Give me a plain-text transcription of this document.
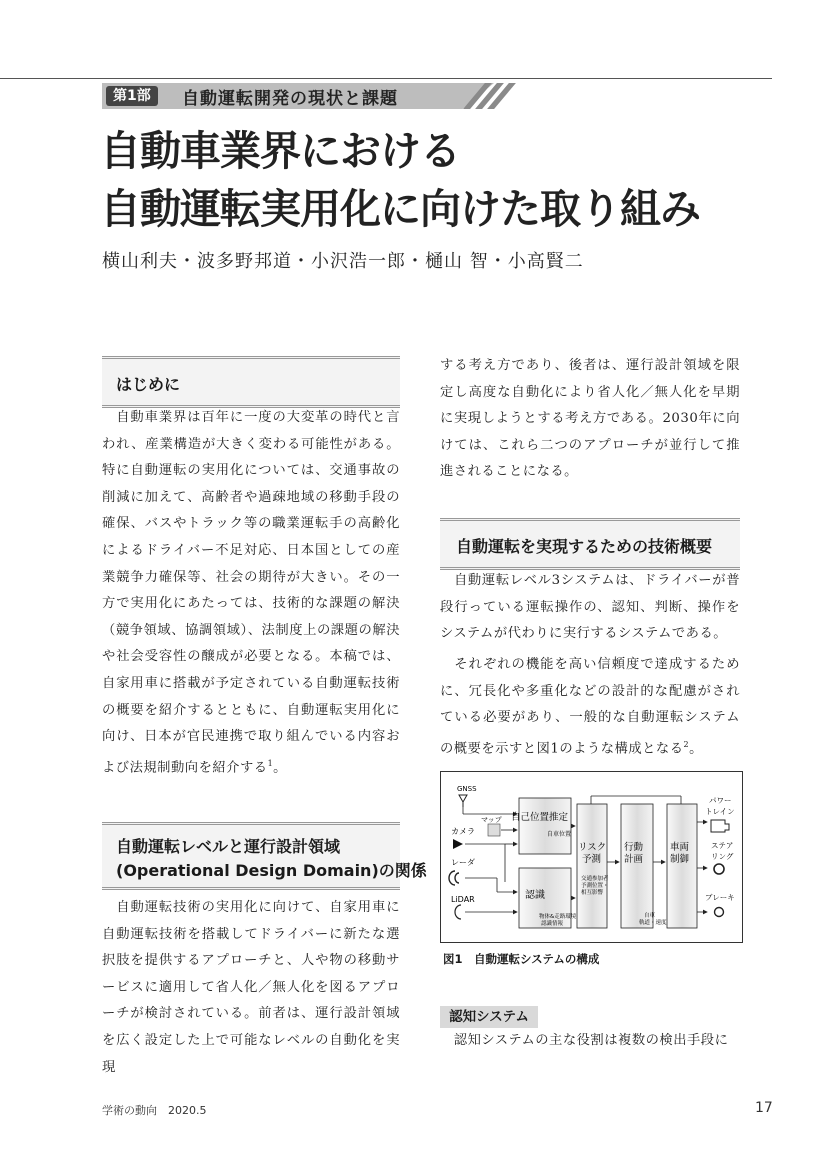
第1部	自動運転開発の現状と課題
自動車業界における
自動運転実用化に向けた取り組み
横山利夫・波多野邦道・小沢浩一郎・樋山 智・小高賢二
はじめに
　自動車業界は百年に一度の大変革の時代と言われ、産業構造が大きく変わる可能性がある。特に自動運転の実用化については、交通事故の削減に加えて、高齢者や過疎地域の移動手段の確保、バスやトラック等の職業運転手の高齢化によるドライバー不足対応、日本国としての産業競争力確保等、社会の期待が大きい。その一方で実用化にあたっては、技術的な課題の解決（競争領域、協調領域）、法制度上の課題の解決や社会受容性の醸成が必要となる。本稿では、自家用車に搭載が予定されている自動運転技術の概要を紹介するとともに、自動運転実用化に向け、日本が官民連携で取り組んでいる内容および法規制動向を紹介する$^1$。
自動運転レベルと運行設計領域
(Operational Design Domain)の関係
　自動運転技術の実用化に向けて、自家用車に自動運転技術を搭載してドライバーに新たな選択肢を提供するアプローチと、人や物の移動サービスに適用して省人化／無人化を図るアプローチが検討されている。前者は、運行設計領域を広く設定した上で可能なレベルの自動化を実現
する考え方であり、後者は、運行設計領域を限定し高度な自動化により省人化／無人化を早期に実現しようとする考え方である。2030年に向けては、これら二つのアプローチが並行して推進されることになる。
自動運転を実現するための技術概要
　自動運転レベル3システムは、ドライバーが普段行っている運転操作の、認知、判断、操作をシステムが代わりに実行するシステムである。
　それぞれの機能を高い信頼度で達成するために、冗長化や多重化などの設計的な配慮がされている必要があり、一般的な自動運転システムの概要を示すと図1のような構成となる$^2$。
GNSS
マップ
カメラ
レーダ
LiDAR
自己位置推定
自車位置
認識
物体&走路環境
認識情報
リスク
予測
交通参加者
予測位置・
相互影響
行動
計画
自車
軌道・速度
車両
制御
パワー
トレイン
ステア
リング
ブレーキ
図1　自動運転システムの構成
認知システム
　認知システムの主な役割は複数の検出手段に
学術の動向　2020.5	17
